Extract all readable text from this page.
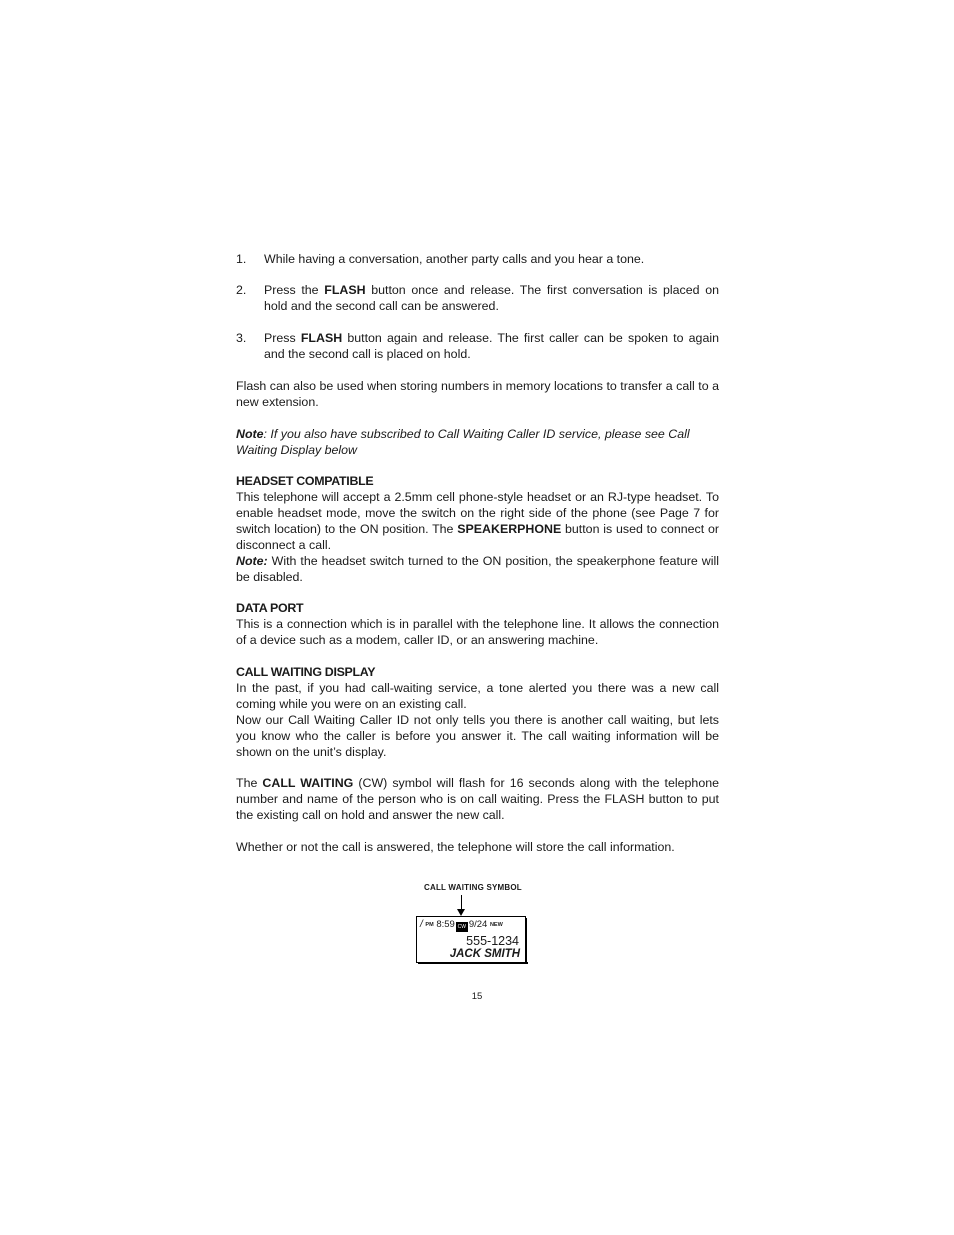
1. While having a conversation, another party calls and you hear a tone.
2. Press the FLASH button once and release. The first conversation is placed on hold and the second call can be answered.
3. Press FLASH button again and release. The first caller can be spoken to again and the second call is placed on hold.
Flash can also be used when storing numbers in memory locations to transfer a call to a new extension.
Note: If you also have subscribed to Call Waiting Caller ID service, please see Call Waiting Display below
HEADSET COMPATIBLE
This telephone will accept a 2.5mm cell phone-style headset or an RJ-type headset. To enable headset mode, move the switch on the right side of the phone (see Page 7 for switch location) to the ON position. The SPEAKERPHONE button is used to connect or disconnect a call.
Note: With the headset switch turned to the ON position, the speakerphone feature will be disabled.
DATA PORT
This is a connection which is in parallel with the telephone line. It allows the connection of a device such as a modem, caller ID, or an answering machine.
CALL WAITING DISPLAY
In the past, if you had call-waiting service, a tone alerted you there was a new call coming while you were on an existing call.
Now our Call Waiting Caller ID not only tells you there is another call waiting, but lets you know who the caller is before you answer it. The call waiting information will be shown on the unit’s display.
The CALL WAITING (CW) symbol will flash for 16 seconds along with the telephone number and name of the person who is on call waiting. Press the FLASH button to put the existing call on hold and answer the new call.
Whether or not the call is answered, the telephone will store the call information.
CALL WAITING SYMBOL
/ PM 8:59 CW 9/24 NEW
555-1234
JACK SMITH
15
